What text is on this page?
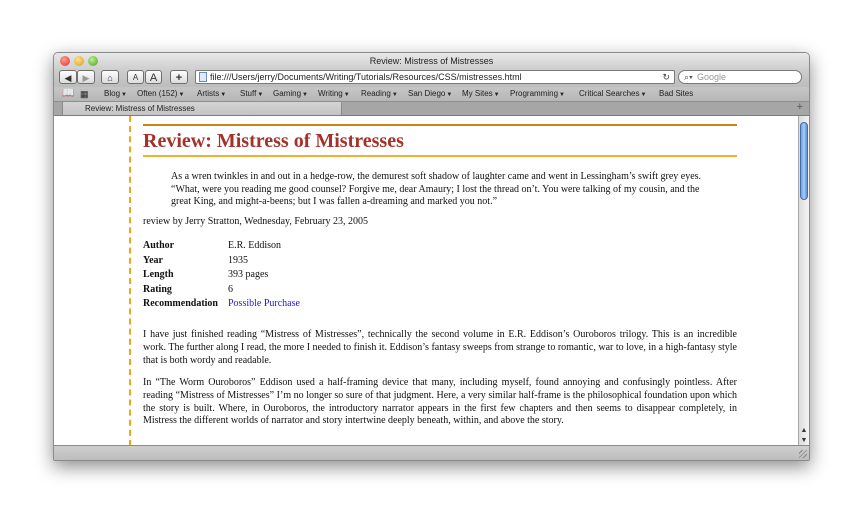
Review: Mistress of Mistresses
◀	▶	⌂	A	A	+	file:///Users/jerry/Documents/Writing/Tutorials/Resources/CSS/mistresses.html	↻ ⌕▾ Google
📖 ▦ Blog▼ Often (152)▼ Artists▼ Stuff▼ Gaming▼ Writing▼ Reading▼ San Diego▼ My Sites▼ Programming▼ Critical Searches▼ Bad Sites
Review: Mistress of Mistresses	+
Review: Mistress of Mistresses
As a wren twinkles in and out in a hedge-row, the demurest soft shadow of laughter came and went in Lessingham’s swift grey eyes. “What, were you reading me good counsel? Forgive me, dear Amaury; I lost the thread on’t. You were talking of my cousin, and the great King, and might-a-beens; but I was fallen a-dreaming and marked you not.”
review by Jerry Stratton, Wednesday, February 23, 2005
Author	E.R. Eddison
Year	1935
Length	393 pages
Rating	6
Recommendation	Possible Purchase

I have just finished reading “Mistress of Mistresses”, technically the second volume in E.R. Eddison’s Ouroboros trilogy. This is an incredible work. The further along I read, the more I needed to finish it. Eddison’s fantasy sweeps from strange to romantic, war to love, in a high-fantasy style that is both wordy and readable.

In “The Worm Ouroboros” Eddison used a half-framing device that many, including myself, found annoying and confusingly pointless. After reading “Mistress of Mistresses” I’m no longer so sure of that judgment. Here, a very similar half-frame is the philosophical foundation upon which the story is built. Where, in Ouroboros, the introductory narrator appears in the first few chapters and then seems to disappear completely, in Mistress the different worlds of narrator and story intertwine deeply beneath, within, and above the story.

▲
▼
